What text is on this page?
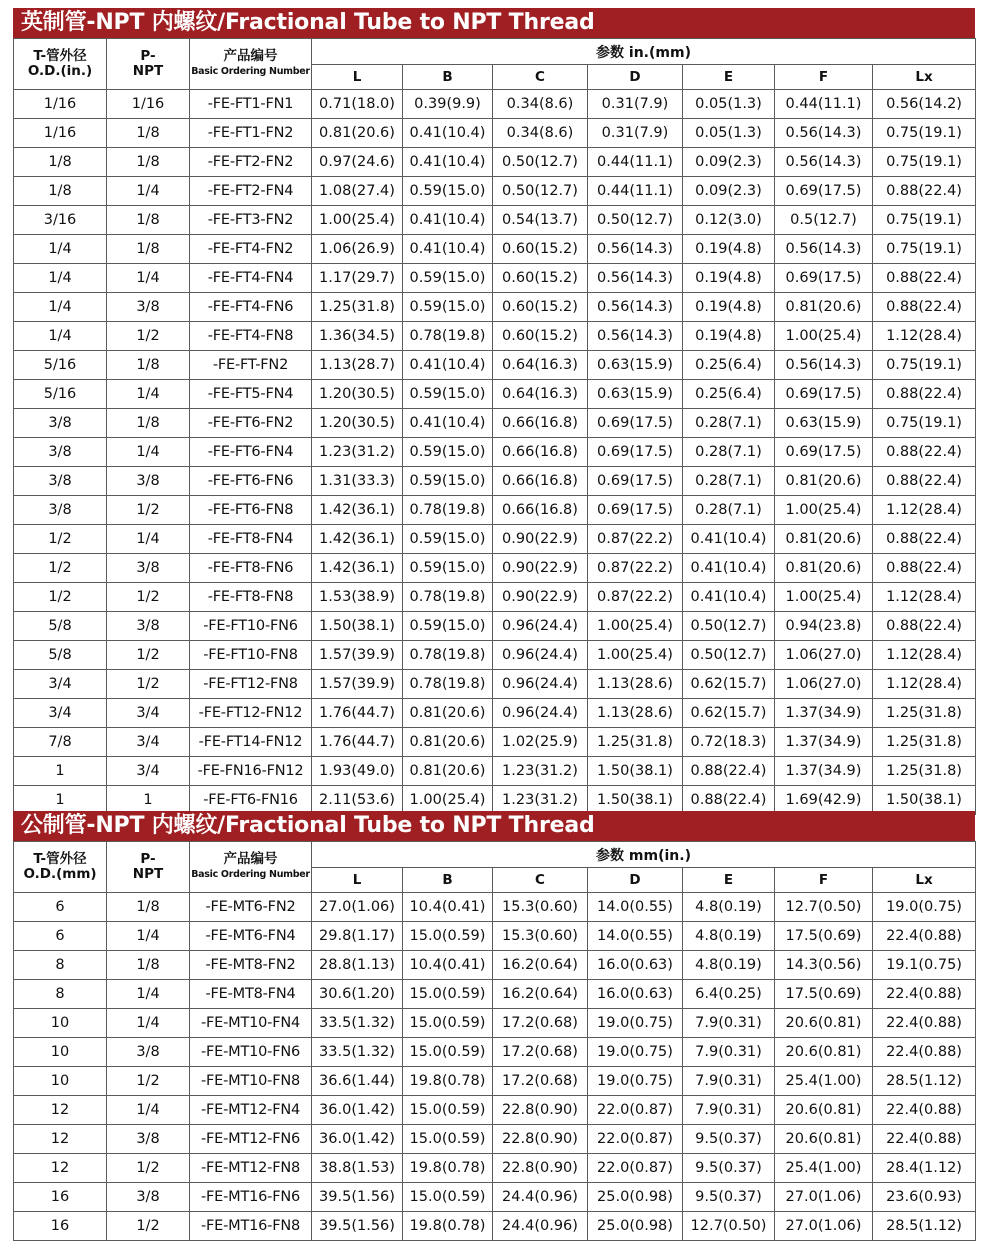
英制管-NPT 内螺纹/Fractional Tube to NPT Thread
T-管外径
O.D.(in.)	P-
NPT	产品编号
Basic Ordering Number	参数 in.(mm)						
			L	B	C	D	E	F	Lx
1/16	1/16	-FE-FT1-FN1	0.71(18.0)	0.39(9.9)	0.34(8.6)	0.31(7.9)	0.05(1.3)	0.44(11.1)	0.56(14.2)
1/16	1/8	-FE-FT1-FN2	0.81(20.6)	0.41(10.4)	0.34(8.6)	0.31(7.9)	0.05(1.3)	0.56(14.3)	0.75(19.1)
1/8	1/8	-FE-FT2-FN2	0.97(24.6)	0.41(10.4)	0.50(12.7)	0.44(11.1)	0.09(2.3)	0.56(14.3)	0.75(19.1)
1/8	1/4	-FE-FT2-FN4	1.08(27.4)	0.59(15.0)	0.50(12.7)	0.44(11.1)	0.09(2.3)	0.69(17.5)	0.88(22.4)
3/16	1/8	-FE-FT3-FN2	1.00(25.4)	0.41(10.4)	0.54(13.7)	0.50(12.7)	0.12(3.0)	0.5(12.7)	0.75(19.1)
1/4	1/8	-FE-FT4-FN2	1.06(26.9)	0.41(10.4)	0.60(15.2)	0.56(14.3)	0.19(4.8)	0.56(14.3)	0.75(19.1)
1/4	1/4	-FE-FT4-FN4	1.17(29.7)	0.59(15.0)	0.60(15.2)	0.56(14.3)	0.19(4.8)	0.69(17.5)	0.88(22.4)
1/4	3/8	-FE-FT4-FN6	1.25(31.8)	0.59(15.0)	0.60(15.2)	0.56(14.3)	0.19(4.8)	0.81(20.6)	0.88(22.4)
1/4	1/2	-FE-FT4-FN8	1.36(34.5)	0.78(19.8)	0.60(15.2)	0.56(14.3)	0.19(4.8)	1.00(25.4)	1.12(28.4)
5/16	1/8	-FE-FT-FN2	1.13(28.7)	0.41(10.4)	0.64(16.3)	0.63(15.9)	0.25(6.4)	0.56(14.3)	0.75(19.1)
5/16	1/4	-FE-FT5-FN4	1.20(30.5)	0.59(15.0)	0.64(16.3)	0.63(15.9)	0.25(6.4)	0.69(17.5)	0.88(22.4)
3/8	1/8	-FE-FT6-FN2	1.20(30.5)	0.41(10.4)	0.66(16.8)	0.69(17.5)	0.28(7.1)	0.63(15.9)	0.75(19.1)
3/8	1/4	-FE-FT6-FN4	1.23(31.2)	0.59(15.0)	0.66(16.8)	0.69(17.5)	0.28(7.1)	0.69(17.5)	0.88(22.4)
3/8	3/8	-FE-FT6-FN6	1.31(33.3)	0.59(15.0)	0.66(16.8)	0.69(17.5)	0.28(7.1)	0.81(20.6)	0.88(22.4)
3/8	1/2	-FE-FT6-FN8	1.42(36.1)	0.78(19.8)	0.66(16.8)	0.69(17.5)	0.28(7.1)	1.00(25.4)	1.12(28.4)
1/2	1/4	-FE-FT8-FN4	1.42(36.1)	0.59(15.0)	0.90(22.9)	0.87(22.2)	0.41(10.4)	0.81(20.6)	0.88(22.4)
1/2	3/8	-FE-FT8-FN6	1.42(36.1)	0.59(15.0)	0.90(22.9)	0.87(22.2)	0.41(10.4)	0.81(20.6)	0.88(22.4)
1/2	1/2	-FE-FT8-FN8	1.53(38.9)	0.78(19.8)	0.90(22.9)	0.87(22.2)	0.41(10.4)	1.00(25.4)	1.12(28.4)
5/8	3/8	-FE-FT10-FN6	1.50(38.1)	0.59(15.0)	0.96(24.4)	1.00(25.4)	0.50(12.7)	0.94(23.8)	0.88(22.4)
5/8	1/2	-FE-FT10-FN8	1.57(39.9)	0.78(19.8)	0.96(24.4)	1.00(25.4)	0.50(12.7)	1.06(27.0)	1.12(28.4)
3/4	1/2	-FE-FT12-FN8	1.57(39.9)	0.78(19.8)	0.96(24.4)	1.13(28.6)	0.62(15.7)	1.06(27.0)	1.12(28.4)
3/4	3/4	-FE-FT12-FN12	1.76(44.7)	0.81(20.6)	0.96(24.4)	1.13(28.6)	0.62(15.7)	1.37(34.9)	1.25(31.8)
7/8	3/4	-FE-FT14-FN12	1.76(44.7)	0.81(20.6)	1.02(25.9)	1.25(31.8)	0.72(18.3)	1.37(34.9)	1.25(31.8)
1	3/4	-FE-FN16-FN12	1.93(49.0)	0.81(20.6)	1.23(31.2)	1.50(38.1)	0.88(22.4)	1.37(34.9)	1.25(31.8)
1	1	-FE-FT6-FN16	2.11(53.6)	1.00(25.4)	1.23(31.2)	1.50(38.1)	0.88(22.4)	1.69(42.9)	1.50(38.1)
公制管-NPT 内螺纹/Fractional Tube to NPT Thread
T-管外径
O.D.(mm)	P-
NPT	产品编号
Basic Ordering Number	参数 mm(in.)						
			L	B	C	D	E	F	Lx
6	1/8	-FE-MT6-FN2	27.0(1.06)	10.4(0.41)	15.3(0.60)	14.0(0.55)	4.8(0.19)	12.7(0.50)	19.0(0.75)
6	1/4	-FE-MT6-FN4	29.8(1.17)	15.0(0.59)	15.3(0.60)	14.0(0.55)	4.8(0.19)	17.5(0.69)	22.4(0.88)
8	1/8	-FE-MT8-FN2	28.8(1.13)	10.4(0.41)	16.2(0.64)	16.0(0.63)	4.8(0.19)	14.3(0.56)	19.1(0.75)
8	1/4	-FE-MT8-FN4	30.6(1.20)	15.0(0.59)	16.2(0.64)	16.0(0.63)	6.4(0.25)	17.5(0.69)	22.4(0.88)
10	1/4	-FE-MT10-FN4	33.5(1.32)	15.0(0.59)	17.2(0.68)	19.0(0.75)	7.9(0.31)	20.6(0.81)	22.4(0.88)
10	3/8	-FE-MT10-FN6	33.5(1.32)	15.0(0.59)	17.2(0.68)	19.0(0.75)	7.9(0.31)	20.6(0.81)	22.4(0.88)
10	1/2	-FE-MT10-FN8	36.6(1.44)	19.8(0.78)	17.2(0.68)	19.0(0.75)	7.9(0.31)	25.4(1.00)	28.5(1.12)
12	1/4	-FE-MT12-FN4	36.0(1.42)	15.0(0.59)	22.8(0.90)	22.0(0.87)	7.9(0.31)	20.6(0.81)	22.4(0.88)
12	3/8	-FE-MT12-FN6	36.0(1.42)	15.0(0.59)	22.8(0.90)	22.0(0.87)	9.5(0.37)	20.6(0.81)	22.4(0.88)
12	1/2	-FE-MT12-FN8	38.8(1.53)	19.8(0.78)	22.8(0.90)	22.0(0.87)	9.5(0.37)	25.4(1.00)	28.4(1.12)
16	3/8	-FE-MT16-FN6	39.5(1.56)	15.0(0.59)	24.4(0.96)	25.0(0.98)	9.5(0.37)	27.0(1.06)	23.6(0.93)
16	1/2	-FE-MT16-FN8	39.5(1.56)	19.8(0.78)	24.4(0.96)	25.0(0.98)	12.7(0.50)	27.0(1.06)	28.5(1.12)
